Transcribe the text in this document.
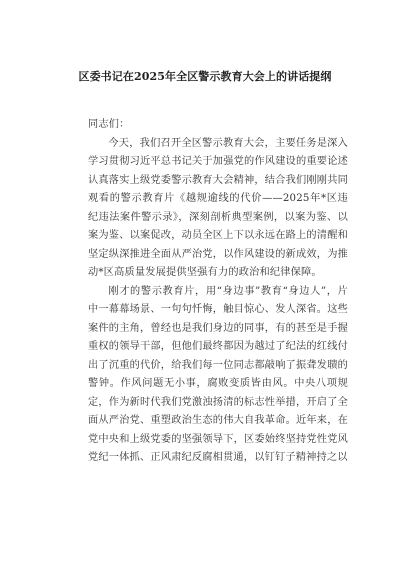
区委书记在2025年全区警示教育大会上的讲话提纲

同志们：

今天，我们召开全区警示教育大会，主要任务是深入学习贯彻习近平总书记关于加强党的作风建设的重要论述认真落实上级党委警示教育大会精神，结合我们刚刚共同观看的警示教育片《越规逾线的代价——2025年*区违纪违法案件警示录》，深刻剖析典型案例，以案为鉴、以案为鉴、以案促改，动员全区上下以永远在路上的清醒和坚定纵深推进全面从严治党，以作风建设的新成效，为推动*区高质量发展提供坚强有力的政治和纪律保障。

刚才的警示教育片，用“身边事”教育“身边人”，片中一幕幕场景、一句句忏悔，触目惊心、发人深省。这些案件的主角，曾经也是我们身边的同事，有的甚至是手握重权的领导干部，但他们最终都因为越过了纪法的红线付出了沉重的代价，给我们每一位同志都敲响了振聋发聩的警钟。作风问题无小事，腐败变质皆由风。中央八项规定，作为新时代我们党激浊扬清的标志性举措，开启了全面从严治党、重塑政治生态的伟大自我革命。近年来，在党中央和上级党委的坚强领导下，区委始终坚持党性党风党纪一体抓、正风肃纪反腐相贯通，以钉钉子精神持之以
